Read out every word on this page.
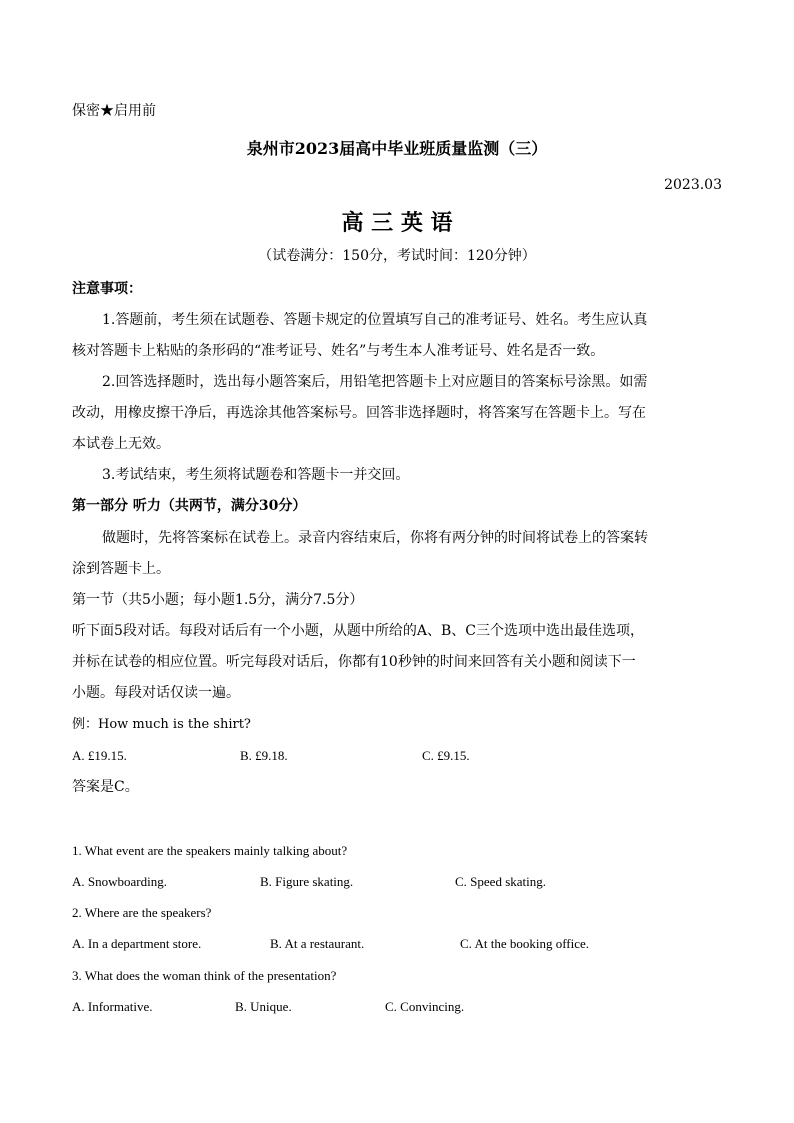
保密★启用前
泉州市2023届高中毕业班质量监测（三）
2023.03
高 三 英 语
（试卷满分：150分，考试时间：120分钟）
注意事项：
1.答题前，考生须在试题卷、答题卡规定的位置填写自己的准考证号、姓名。考生应认真
核对答题卡上粘贴的条形码的“准考证号、姓名”与考生本人准考证号、姓名是否一致。
2.回答选择题时，选出每小题答案后，用铅笔把答题卡上对应题目的答案标号涂黑。如需
改动，用橡皮擦干净后，再选涂其他答案标号。回答非选择题时，将答案写在答题卡上。写在
本试卷上无效。
3.考试结束，考生须将试题卷和答题卡一并交回。
第一部分 听力（共两节，满分30分）
做题时，先将答案标在试卷上。录音内容结束后，你将有两分钟的时间将试卷上的答案转
涂到答题卡上。
第一节（共5小题；每小题1.5分，满分7.5分）
听下面5段对话。每段对话后有一个小题，从题中所给的A、B、C三个选项中选出最佳选项，
并标在试卷的相应位置。听完每段对话后，你都有10秒钟的时间来回答有关小题和阅读下一
小题。每段对话仅读一遍。
例：How much is the shirt?
A. £19.15.	B. £9.18.	C. £9.15.
答案是C。
1. What event are the speakers mainly talking about?
A. Snowboarding.	B. Figure skating.	C. Speed skating.
2. Where are the speakers?
A. In a department store.	B. At a restaurant.	C. At the booking office.
3. What does the woman think of the presentation?
A. Informative.	B. Unique.	C. Convincing.
